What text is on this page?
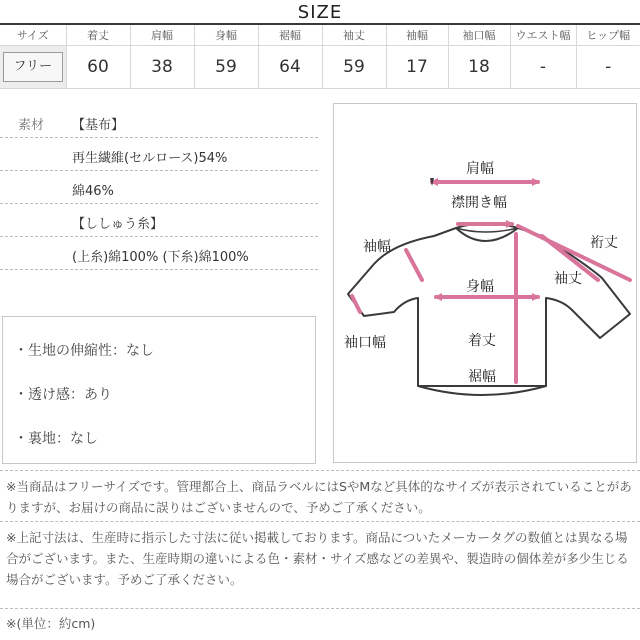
SIZE
サイズ	着丈	肩幅	身幅	裾幅	袖丈	袖幅	袖口幅	ウエスト幅	ヒップ幅
フリー	60	38	59	64	59	17	18	-	-
素材 【基布】
再生繊維(セルロース)54%
綿46%
【ししゅう糸】
(上糸)綿100% (下糸)綿100%
・生地の伸縮性：なし
・透け感：あり
・裏地：なし
肩幅
襟開き幅
袖幅	裄丈
袖丈
身幅
袖口幅	着丈
裾幅
※当商品はフリーサイズです。管理都合上、商品ラベルにはSやMなど具体的なサイズが表示されていることがありますが、お届けの商品に誤りはございませんので、予めご了承ください。
※上記寸法は、生産時に指示した寸法に従い掲載しております。商品についたメーカータグの数値とは異なる場合がございます。また、生産時期の違いによる色・素材・サイズ感などの差異や、製造時の個体差が多少生じる場合がございます。予めご了承ください。
※(単位：約cm)
